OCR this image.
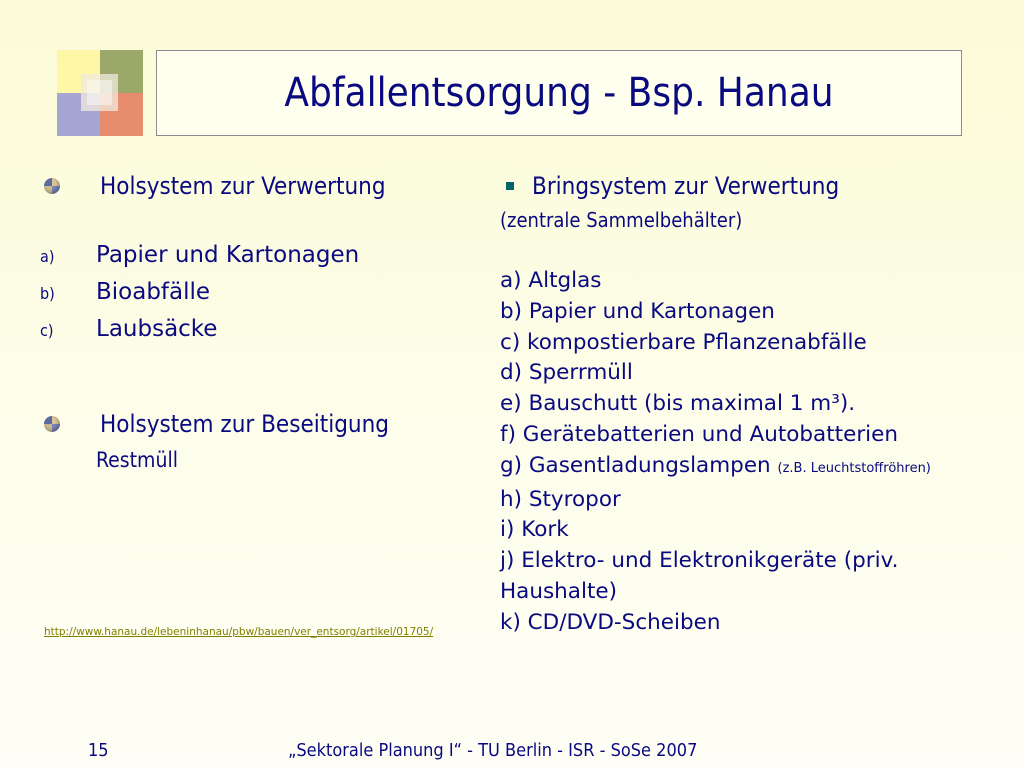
Abfallentsorgung - Bsp. Hanau
Holsystem zur Verwertung
a)	Papier und Kartonagen
b)	Bioabfälle
c)	Laubsäcke
Holsystem zur Beseitigung
Restmüll
http://www.hanau.de/lebeninhanau/pbw/bauen/ver_entsorg/artikel/01705/
Bringsystem zur Verwertung
(zentrale Sammelbehälter)
a) Altglas
b) Papier und Kartonagen
c) kompostierbare Pflanzenabfälle
d) Sperrmüll
e) Bauschutt (bis maximal 1 m³).
f) Gerätebatterien und Autobatterien
g) Gasentladungslampen (z.B. Leuchtstoffröhren)
h) Styropor
i) Kork
j) Elektro- und Elektronikgeräte (priv.
Haushalte)
k) CD/DVD-Scheiben
15	„Sektorale Planung I“ - TU Berlin - ISR - SoSe 2007
